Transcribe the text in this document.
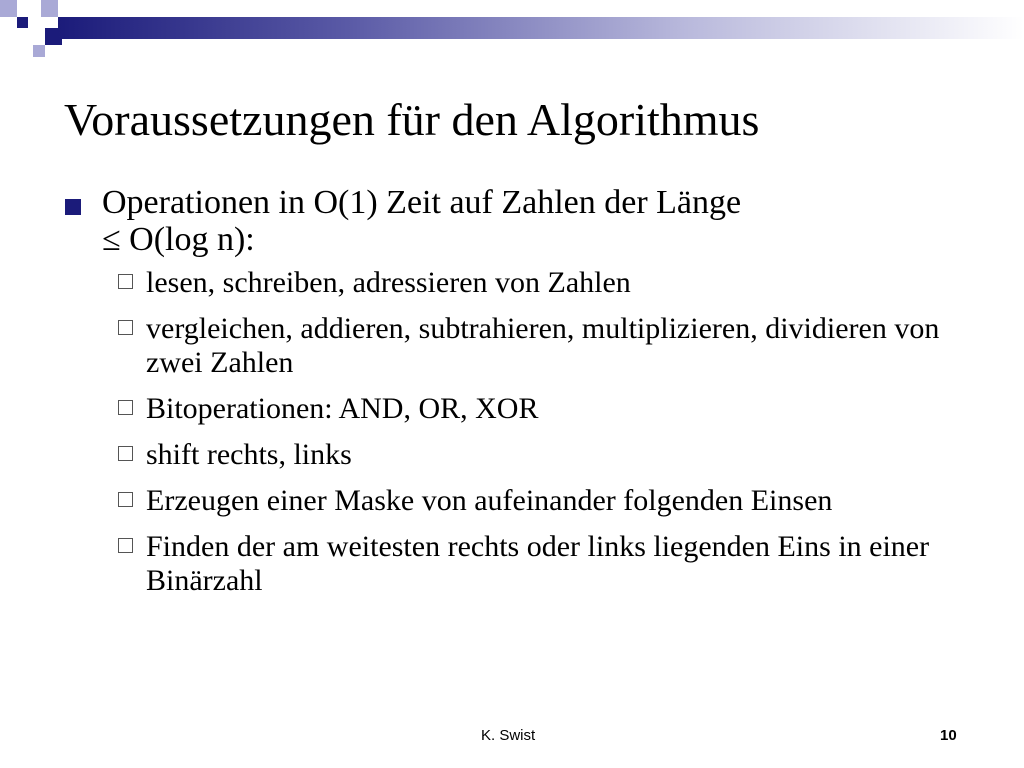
Voraussetzungen für den Algorithmus
Operationen in O(1) Zeit auf Zahlen der Länge
≤ O(log n):
lesen, schreiben, adressieren von Zahlen
vergleichen, addieren, subtrahieren, multiplizieren, dividieren von zwei Zahlen
Bitoperationen: AND, OR, XOR
shift rechts, links
Erzeugen einer Maske von aufeinander folgenden Einsen
Finden der am weitesten rechts oder links liegenden Eins in einer Binärzahl
K. Swist	10
